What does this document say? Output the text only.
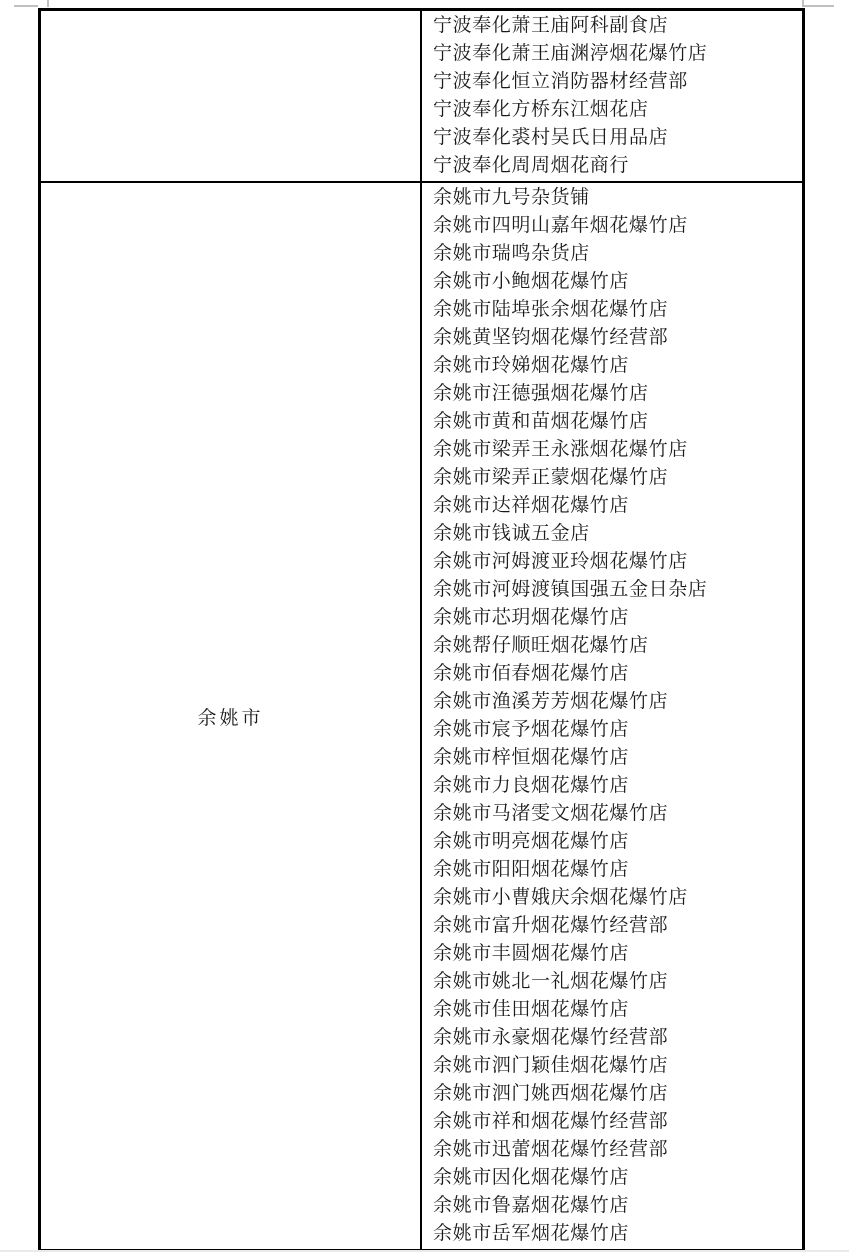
宁波奉化萧王庙阿科副食店
宁波奉化萧王庙渊渟烟花爆竹店
宁波奉化恒立消防器材经营部
宁波奉化方桥东江烟花店
宁波奉化裘村吴氏日用品店
宁波奉化周周烟花商行
余姚市
余姚市九号杂货铺
余姚市四明山嘉年烟花爆竹店
余姚市瑞鸣杂货店
余姚市小鲍烟花爆竹店
余姚市陆埠张余烟花爆竹店
余姚黄坚钧烟花爆竹经营部
余姚市玲娣烟花爆竹店
余姚市汪德强烟花爆竹店
余姚市黄和苗烟花爆竹店
余姚市梁弄王永涨烟花爆竹店
余姚市梁弄正蒙烟花爆竹店
余姚市达祥烟花爆竹店
余姚市钱诚五金店
余姚市河姆渡亚玲烟花爆竹店
余姚市河姆渡镇国强五金日杂店
余姚市芯玥烟花爆竹店
余姚帮仔顺旺烟花爆竹店
余姚市佰春烟花爆竹店
余姚市渔溪芳芳烟花爆竹店
余姚市宸予烟花爆竹店
余姚市梓恒烟花爆竹店
余姚市力良烟花爆竹店
余姚市马渚雯文烟花爆竹店
余姚市明亮烟花爆竹店
余姚市阳阳烟花爆竹店
余姚市小曹娥庆余烟花爆竹店
余姚市富升烟花爆竹经营部
余姚市丰圆烟花爆竹店
余姚市姚北一礼烟花爆竹店
余姚市佳田烟花爆竹店
余姚市永豪烟花爆竹经营部
余姚市泗门颖佳烟花爆竹店
余姚市泗门姚西烟花爆竹店
余姚市祥和烟花爆竹经营部
余姚市迅蕾烟花爆竹经营部
余姚市因化烟花爆竹店
余姚市鲁嘉烟花爆竹店
余姚市岳军烟花爆竹店
